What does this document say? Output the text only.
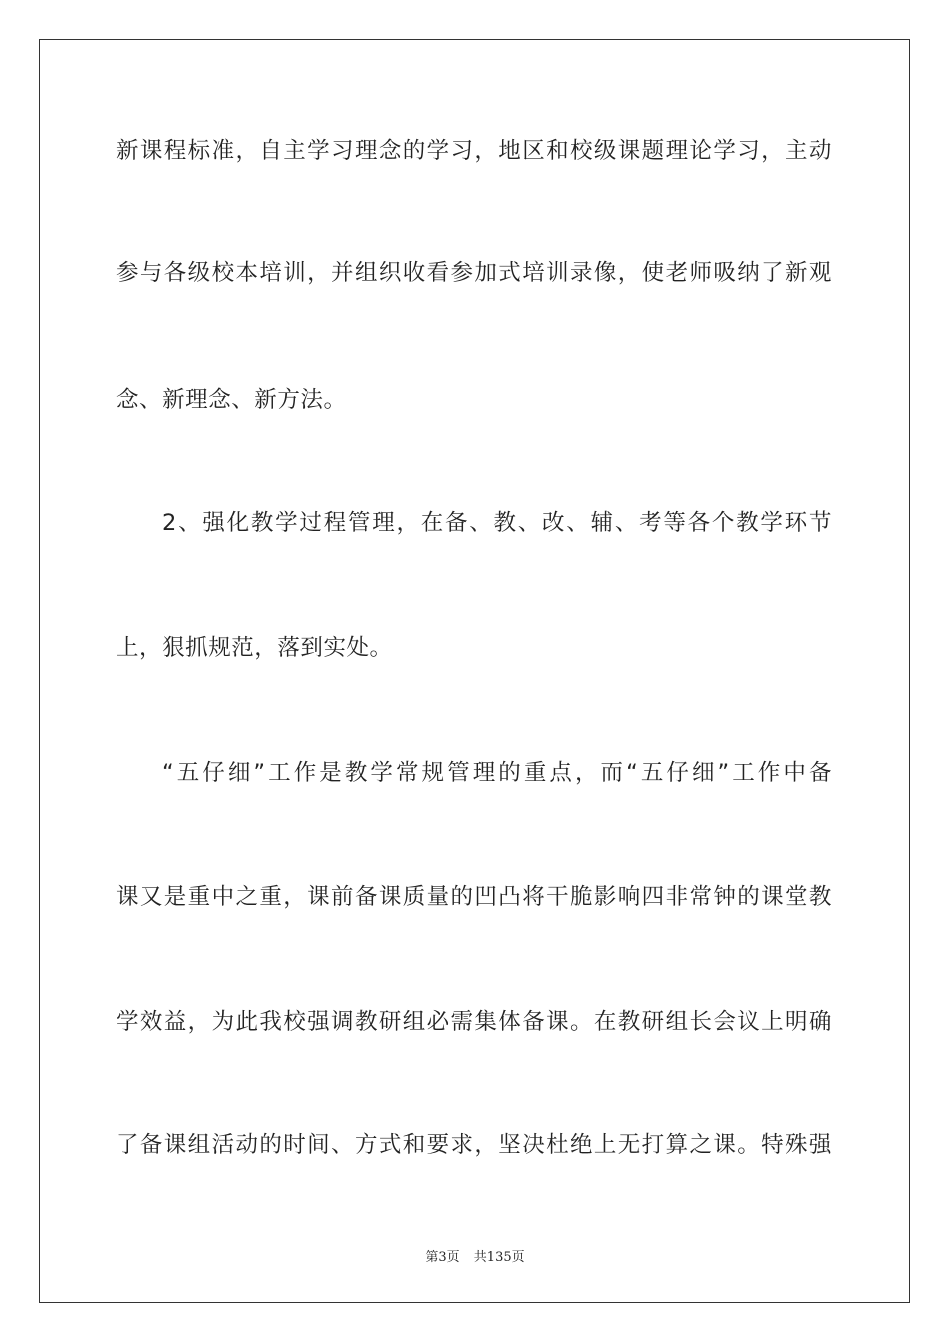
新课程标准，自主学习理念的学习，地区和校级课题理论学习，主动
参与各级校本培训，并组织收看参加式培训录像，使老师吸纳了新观
念、新理念、新方法。
2、强化教学过程管理，在备、教、改、辅、考等各个教学环节
上，狠抓规范，落到实处。
“五仔细”工作是教学常规管理的重点，而“五仔细”工作中备
课又是重中之重，课前备课质量的凹凸将干脆影响四非常钟的课堂教
学效益，为此我校强调教研组必需集体备课。在教研组长会议上明确
了备课组活动的时间、方式和要求，坚决杜绝上无打算之课。特殊强
第3页 共135页
